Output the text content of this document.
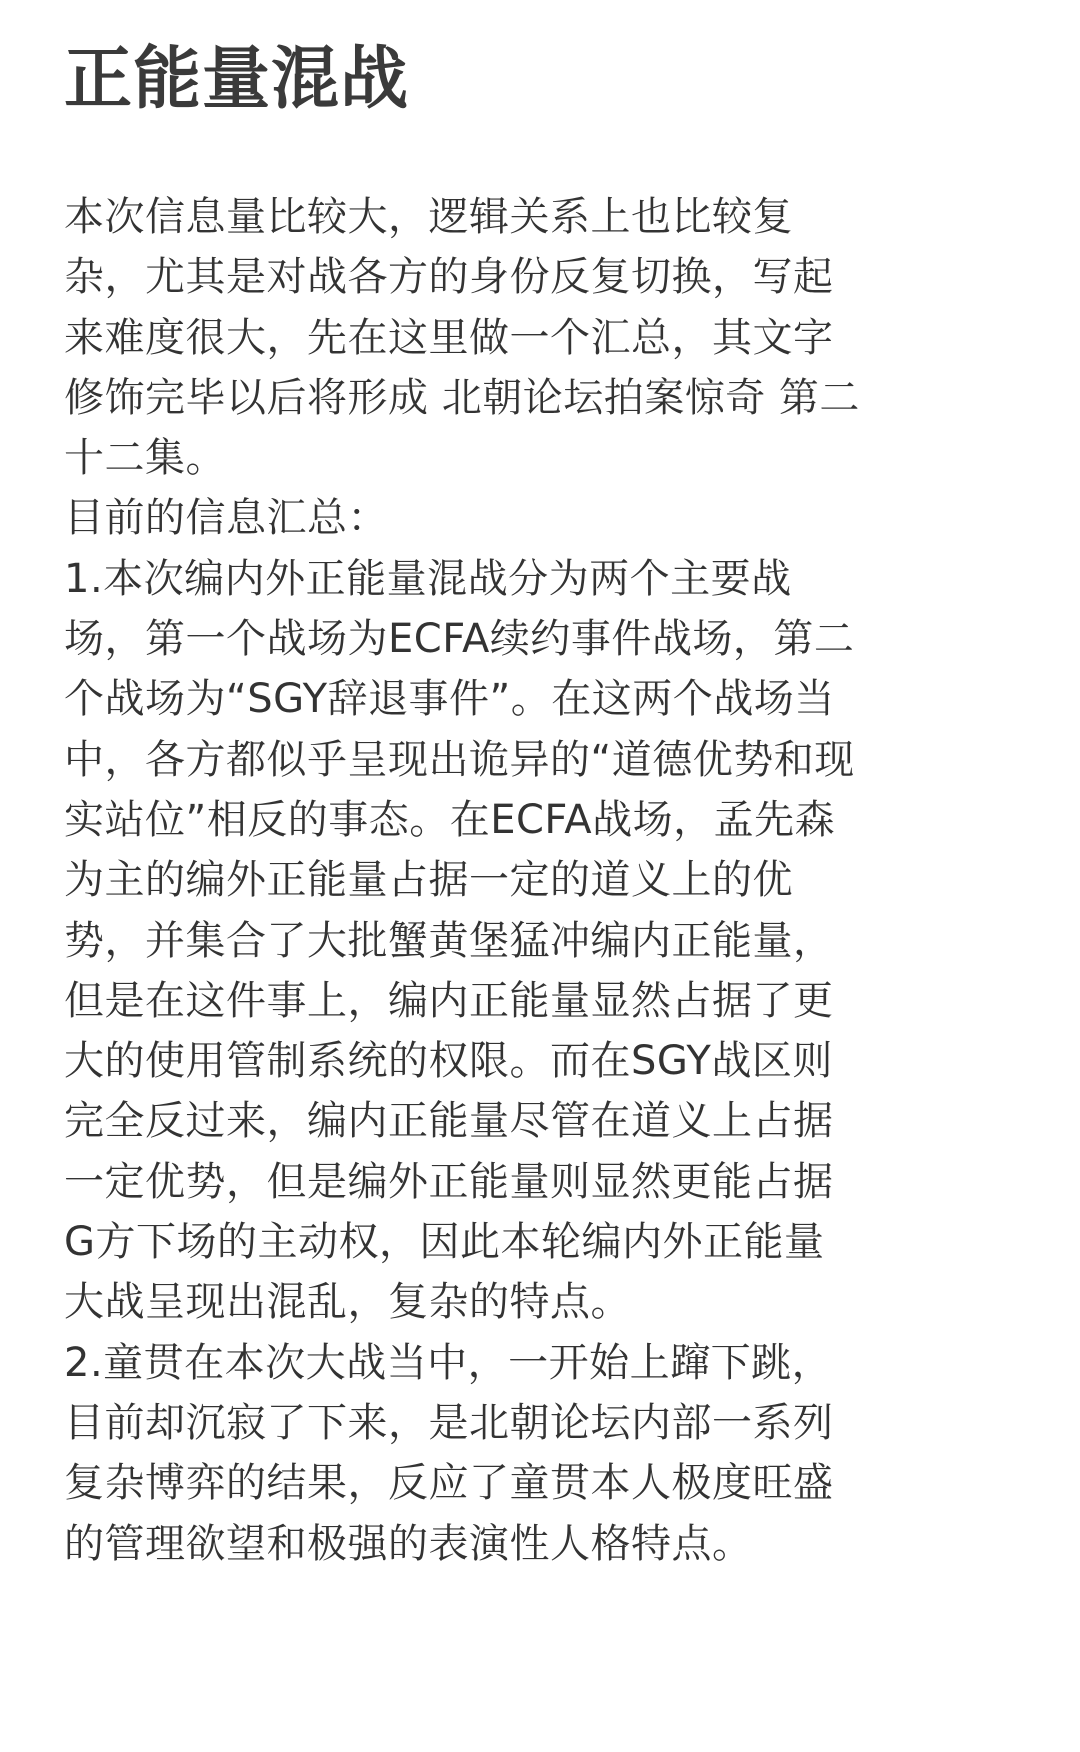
正能量混战
本次信息量比较大，逻辑关系上也比较复
杂，尤其是对战各方的身份反复切换，写起
来难度很大，先在这里做一个汇总，其文字
修饰完毕以后将形成 北朝论坛拍案惊奇 第二
十二集。
目前的信息汇总：
1.本次编内外正能量混战分为两个主要战
场，第一个战场为ECFA续约事件战场，第二
个战场为“SGY辞退事件”。在这两个战场当
中，各方都似乎呈现出诡异的“道德优势和现
实站位”相反的事态。在ECFA战场，孟先森
为主的编外正能量占据一定的道义上的优
势，并集合了大批蟹黄堡猛冲编内正能量，
但是在这件事上，编内正能量显然占据了更
大的使用管制系统的权限。而在SGY战区则
完全反过来，编内正能量尽管在道义上占据
一定优势，但是编外正能量则显然更能占据
G方下场的主动权，因此本轮编内外正能量
大战呈现出混乱，复杂的特点。
2.童贯在本次大战当中，一开始上蹿下跳，
目前却沉寂了下来，是北朝论坛内部一系列
复杂博弈的结果，反应了童贯本人极度旺盛
的管理欲望和极强的表演性人格特点。
